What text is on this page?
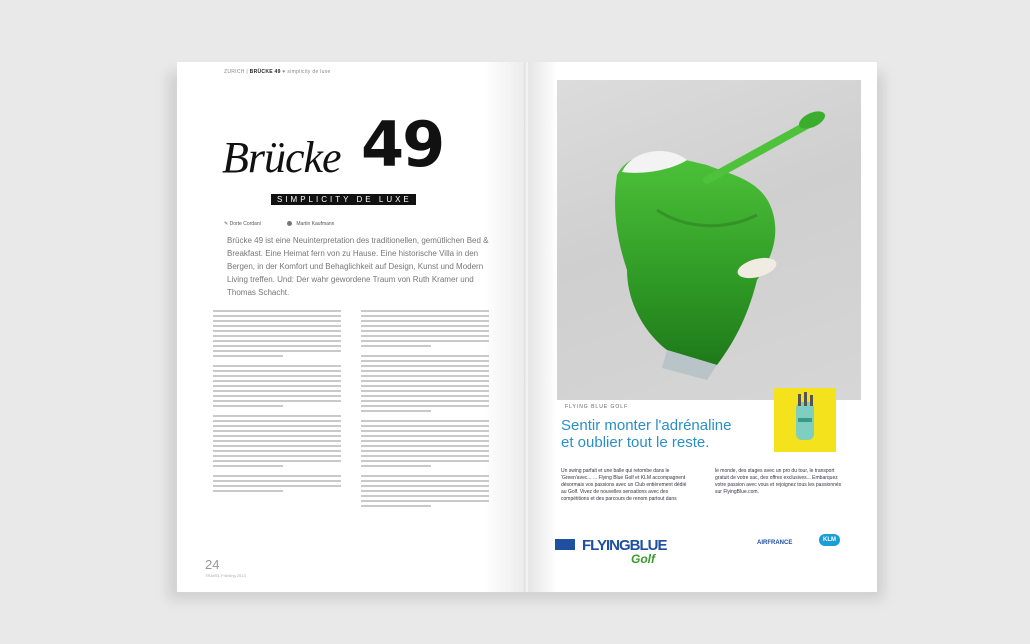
ZURICH | BRÜCKE 49 ♥ simplicity de luxe
Brücke 49
SIMPLICITY DE LUXE
✎ Dorte Cordani	Martin Kaufmann
Brücke 49 ist eine Neuinterpretation des traditionellen, gemütlichen Bed & Breakfast. Eine Heimat fern von zu Hause. Eine historische Villa in den Bergen, in der Komfort und Behaglichkeit auf Design, Kunst und Modern Living treffen. Und: Der wahr gewordene Traum von Ruth Kramer und Thomas Schacht.
24
TRAVEL Frühling 2013
FLYING BLUE GOLF
Sentir monter l'adrénaline
et oublier tout le reste.
Un swing parfait et une balle qui retombe dans le 'Green'avec... ... Flying Blue Golf et KLM accompagnent désormais vos passions avec un Club entièrement dédié au Golf. Vivez de nouvelles sensations avec des compétitions et des parcours de renom partout dans
le monde, des stages avec un pro du tour, le transport gratuit de votre sac, des offres exclusives... Embarquez votre passion avec vous et rejoignez tous les passionnés sur FlyingBlue.com.
FLYINGBLUE
Golf
AIRFRANCE	KLM
